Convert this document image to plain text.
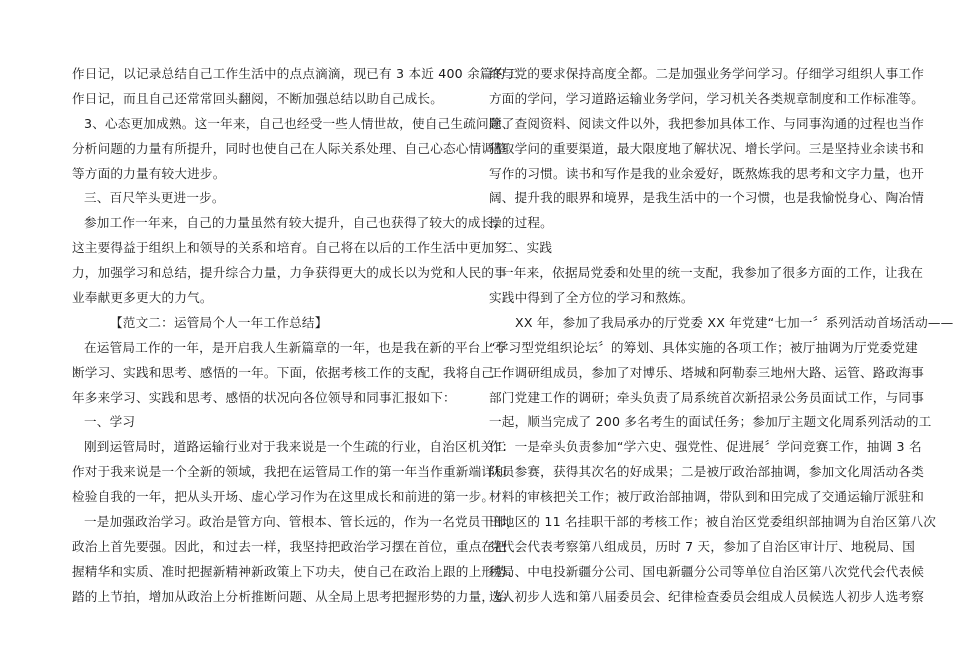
作日记，以记录总结自己工作生活中的点点滴滴，现已有 3 本近 400 余篇的工
作日记，而且自己还常常回头翻阅，不断加强总结以助自己成长。
3、心态更加成熟。这一年来，自己也经受一些人情世故，使自己生疏问题、
分析问题的力量有所提升，同时也使自己在人际关系处理、自己心态心情调整
等方面的力量有较大进步。
三、百尺竿头更进一步。
参加工作一年来，自己的力量虽然有较大提升，自己也获得了较大的成长，
这主要得益于组织上和领导的关系和培育。自己将在以后的工作生活中更加努
力，加强学习和总结，提升综合力量，力争获得更大的成长以为党和人民的事
业奉献更多更大的力气。
【范文二：运管局个人一年工作总结】
在运管局工作的一年，是开启我人生新篇章的一年，也是我在新的平台上不
断学习、实践和思考、感悟的一年。下面，依据考核工作的支配，我将自己一
年多来学习、实践和思考、感悟的状况向各位领导和同事汇报如下：
一、学习
刚到运管局时，道路运输行业对于我来说是一个生疏的行业，自治区机关工
作对于我来说是一个全新的领域，我把在运管局工作的第一年当作重新端详和
检验自我的一年，把从头开场、虚心学习作为在这里成长和前进的第一步。
一是加强政治学习。政治是管方向、管根本、管长远的，作为一名党员干部，
政治上首先要强。因此，和过去一样，我坚持把政治学习摆在首位，重点在把
握精华和实质、准时把握新精神新政策上下功夫，使自己在政治上跟的上形势、
踏的上节拍，增加从政治上分析推断问题、从全局上思考把握形势的力量，始
终与党的要求保持高度全都。二是加强业务学问学习。仔细学习组织人事工作
方面的学问，学习道路运输业务学问，学习机关各类规章制度和工作标准等。
除了查阅资料、阅读文件以外，我把参加具体工作、与同事沟通的过程也当作
猎取学问的重要渠道，最大限度地了解状况、增长学问。三是坚持业余读书和
写作的习惯。读书和写作是我的业余爱好，既熬炼我的思考和文字力量，也开
阔、提升我的眼界和境界，是我生活中的一个习惯，也是我愉悦身心、陶冶情
操的过程。
二、实践
一年来，依据局党委和处里的统一支配，我参加了很多方面的工作，让我在
实践中得到了全方位的学习和熬炼。
XX 年，参加了我局承办的厅党委 XX 年党建“七加一〞系列活动首场活动——
“学习型党组织论坛〞的筹划、具体实施的各项工作；被厅抽调为厅党委党建
工作调研组成员，参加了对博乐、塔城和阿勒泰三地州大路、运管、路政海事
部门党建工作的调研；牵头负责了局系统首次新招录公务员面试工作，与同事
一起，顺当完成了 200 多名考生的面试任务；参加厅主题文化周系列活动的工
作：一是牵头负责参加“学六史、强党性、促进展〞学问竞赛工作，抽调 3 名
队员参赛，获得其次名的好成果；二是被厅政治部抽调，参加文化周活动各类
材料的审核把关工作；被厅政治部抽调，带队到和田完成了交通运输厅派驻和
田地区的 11 名挂职干部的考核工作；被自治区党委组织部抽调为自治区第八次
党代会代表考察第八组成员，历时 7 天，参加了自治区审计厅、地税局、国
税局、中电投新疆分公司、国电新疆分公司等单位自治区第八次党代会代表候
选人初步人选和第八届委员会、纪律检查委员会组成人员候选人初步人选考察
